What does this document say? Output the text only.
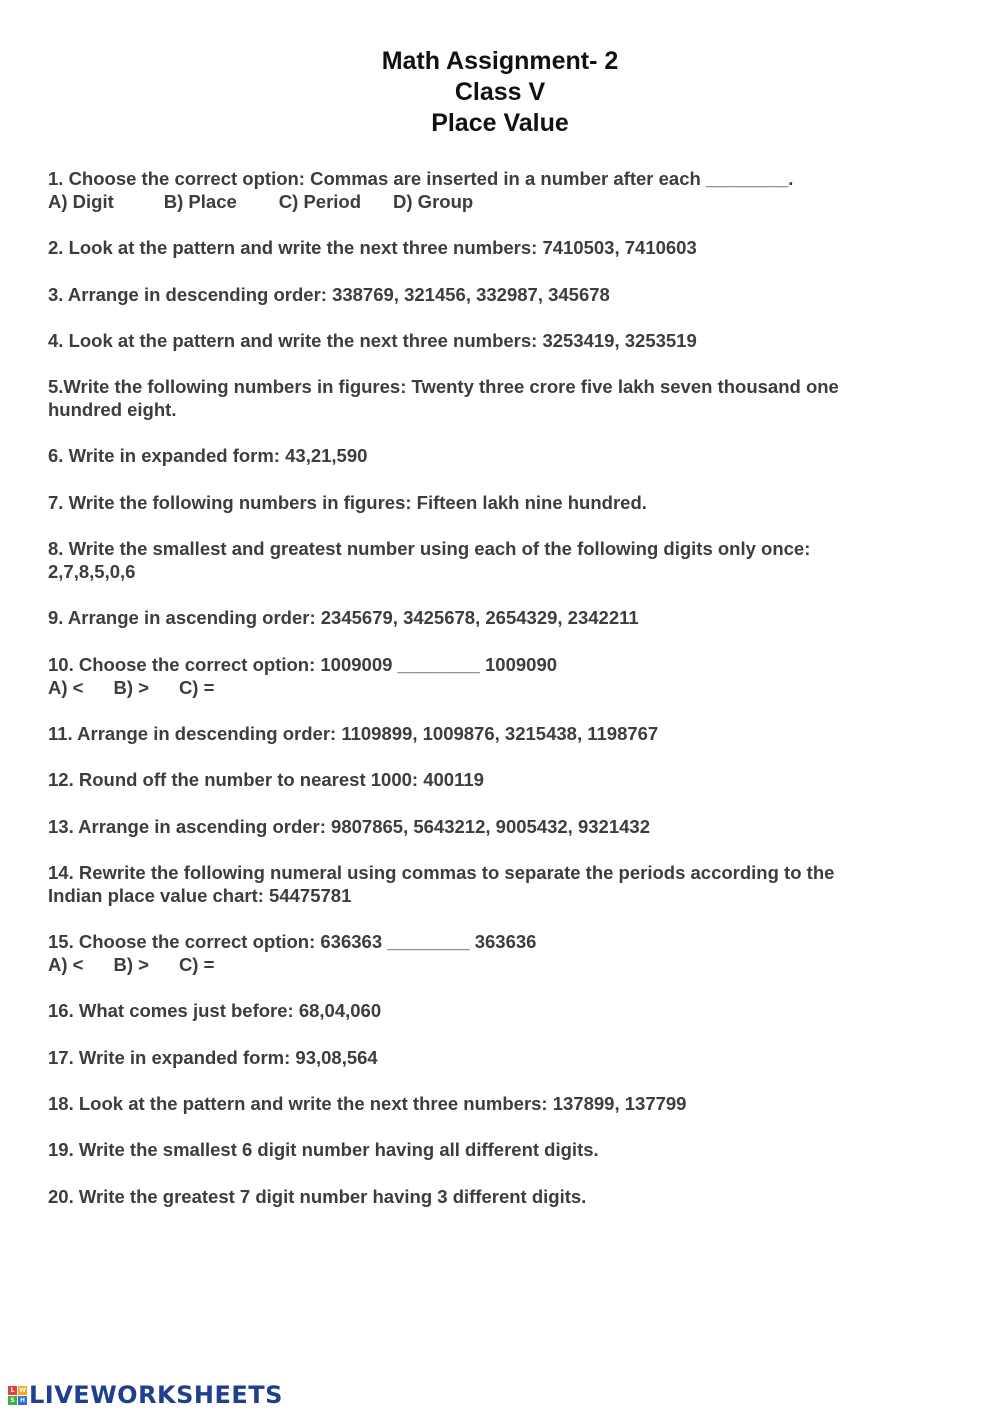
Math Assignment- 2
Class V
Place Value
1. Choose the correct option: Commas are inserted in a number after each ________.
A) Digit	B) Place C) Period D) Group
2. Look at the pattern and write the next three numbers: 7410503, 7410603
3. Arrange in descending order: 338769, 321456, 332987, 345678
4. Look at the pattern and write the next three numbers: 3253419, 3253519
5.Write the following numbers in figures: Twenty three crore five lakh seven thousand one
hundred eight.
6. Write in expanded form: 43,21,590
7. Write the following numbers in figures: Fifteen lakh nine hundred.
8. Write the smallest and greatest number using each of the following digits only once:
2,7,8,5,0,6
9. Arrange in ascending order: 2345679, 3425678, 2654329, 2342211
10. Choose the correct option: 1009009 ________ 1009090
A) < B) > C) =
11. Arrange in descending order: 1109899, 1009876, 3215438, 1198767
12. Round off the number to nearest 1000: 400119
13. Arrange in ascending order: 9807865, 5643212, 9005432, 9321432
14. Rewrite the following numeral using commas to separate the periods according to the
Indian place value chart: 54475781
15. Choose the correct option: 636363 ________ 363636
A) < B) > C) =
16. What comes just before: 68,04,060
17. Write in expanded form: 93,08,564
18. Look at the pattern and write the next three numbers: 137899, 137799
19. Write the smallest 6 digit number having all different digits.
20. Write the greatest 7 digit number having 3 different digits.
L W
S H LIVEWORKSHEETS
